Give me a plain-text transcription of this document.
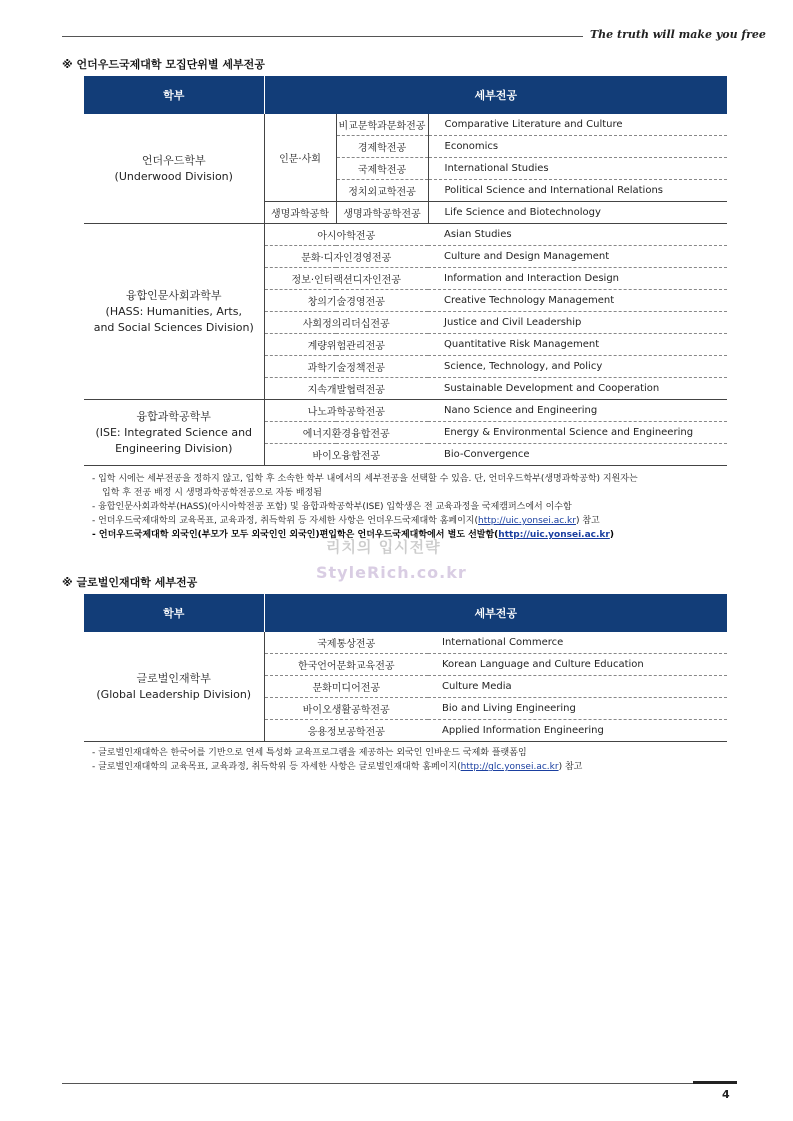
The truth will make you free
※ 언더우드국제대학 모집단위별 세부전공
학부	세부전공		

언더우드학부
(Underwood Division)	인문·사회	비교문학과문화전공	Comparative Literature and Culture
		경제학전공	Economics
		국제학전공	International Studies
		정치외교학전공	Political Science and International Relations
	생명과학공학	생명과학공학전공	Life Science and Biotechnology

융합인문사회과학부
(HASS: Humanities, Arts,
and Social Sciences Division)	아시아학전공		Asian Studies
	문화·디자인경영전공		Culture and Design Management
	정보·인터랙션디자인전공		Information and Interaction Design
	창의기술경영전공		Creative Technology Management
	사회정의리더십전공		Justice and Civil Leadership
	계량위험관리전공		Quantitative Risk Management
	과학기술정책전공		Science, Technology, and Policy
	지속개발협력전공		Sustainable Development and Cooperation

융합과학공학부
(ISE: Integrated Science and
Engineering Division)	나노과학공학전공		Nano Science and Engineering
	에너지환경융합전공		Energy & Environmental Science and Engineering
	바이오융합전공		Bio-Convergence
- 입학 시에는 세부전공을 정하지 않고, 입학 후 소속한 학부 내에서의 세부전공을 선택할 수 있음. 단, 언더우드학부(생명과학공학) 지원자는
입학 후 전공 배정 시 생명과학공학전공으로 자동 배정됨
- 융합인문사회과학부(HASS)(아시아학전공 포함) 및 융합과학공학부(ISE) 입학생은 전 교육과정을 국제캠퍼스에서 이수함
- 언더우드국제대학의 교육목표, 교육과정, 취득학위 등 자세한 사항은 언더우드국제대학 홈페이지(http://uic.yonsei.ac.kr) 참고
- 언더우드국제대학 외국인(부모가 모두 외국인인 외국인)편입학은 언더우드국제대학에서 별도 선발함(http://uic.yonsei.ac.kr)
리치의 입시전략
StyleRich.co.kr
※ 글로벌인재대학 세부전공
학부	세부전공	

글로벌인재학부
(Global Leadership Division)	국제통상전공	International Commerce
	한국언어문화교육전공	Korean Language and Culture Education
	문화미디어전공	Culture Media
	바이오생활공학전공	Bio and Living Engineering
	응용정보공학전공	Applied Information Engineering
- 글로벌인재대학은 한국어를 기반으로 연세 특성화 교육프로그램을 제공하는 외국인 인바운드 국제화 플랫폼임
- 글로벌인재대학의 교육목표, 교육과정, 취득학위 등 자세한 사항은 글로벌인재대학 홈페이지(http://glc.yonsei.ac.kr) 참고
4
